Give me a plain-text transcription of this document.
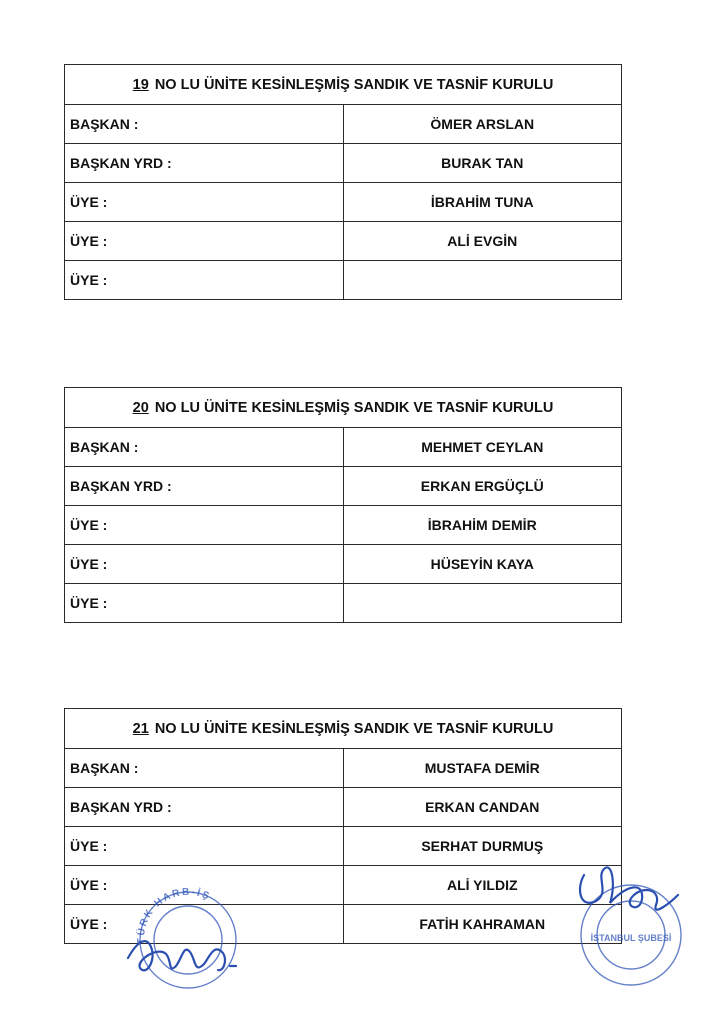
19 NO LU ÜNİTE KESİNLEŞMİŞ SANDIK VE TASNİF KURULU	
BAŞKAN :	ÖMER ARSLAN
BAŞKAN YRD :	BURAK TAN
ÜYE :	İBRAHİM TUNA
ÜYE :	ALİ EVGİN
ÜYE :	
20 NO LU ÜNİTE KESİNLEŞMİŞ SANDIK VE TASNİF KURULU	
BAŞKAN :	MEHMET CEYLAN
BAŞKAN YRD :	ERKAN ERGÜÇLÜ
ÜYE :	İBRAHİM DEMİR
ÜYE :	HÜSEYİN KAYA
ÜYE :	
21 NO LU ÜNİTE KESİNLEŞMİŞ SANDIK VE TASNİF KURULU	
BAŞKAN :	MUSTAFA DEMİR
BAŞKAN YRD :	ERKAN CANDAN
ÜYE :	SERHAT DURMUŞ
ÜYE :	ALİ YILDIZ
ÜYE :	FATİH KAHRAMAN
TÜRK HARB-İŞ
İSTANBUL ŞUBESİ
